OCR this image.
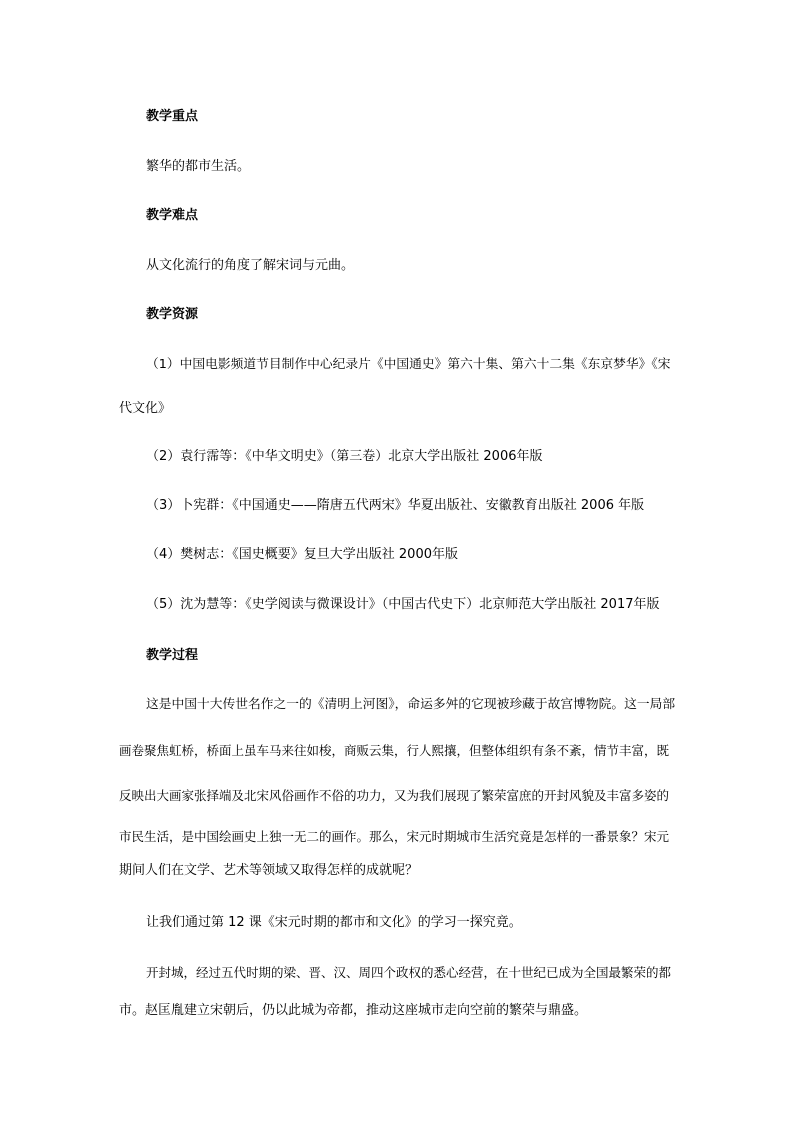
教学重点
繁华的都市生活。
教学难点
从文化流行的角度了解宋词与元曲。
教学资源
（1）中国电影频道节目制作中心纪录片《中国通史》第六十集、第六十二集《东京梦华》《宋
代文化》
（2）袁行霈等：《中华文明史》（第三卷）北京大学出版社 2006年版
（3）卜宪群：《中国通史——隋唐五代两宋》华夏出版社、安徽教育出版社 2006 年版
（4）樊树志：《国史概要》复旦大学出版社 2000年版
（5）沈为慧等：《史学阅读与微课设计》（中国古代史下）北京师范大学出版社 2017年版
教学过程
这是中国十大传世名作之一的《清明上河图》，命运多舛的它现被珍藏于故宫博物院。这一局部
画卷聚焦虹桥，桥面上虽车马来往如梭，商贩云集，行人熙攘，但整体组织有条不紊，情节丰富，既
反映出大画家张择端及北宋风俗画作不俗的功力，又为我们展现了繁荣富庶的开封风貌及丰富多姿的
市民生活，是中国绘画史上独一无二的画作。那么，宋元时期城市生活究竟是怎样的一番景象？宋元
期间人们在文学、艺术等领域又取得怎样的成就呢？
让我们通过第 12 课《宋元时期的都市和文化》的学习一探究竟。
开封城，经过五代时期的梁、晋、汉、周四个政权的悉心经营，在十世纪已成为全国最繁荣的都
市。赵匡胤建立宋朝后，仍以此城为帝都，推动这座城市走向空前的繁荣与鼎盛。
